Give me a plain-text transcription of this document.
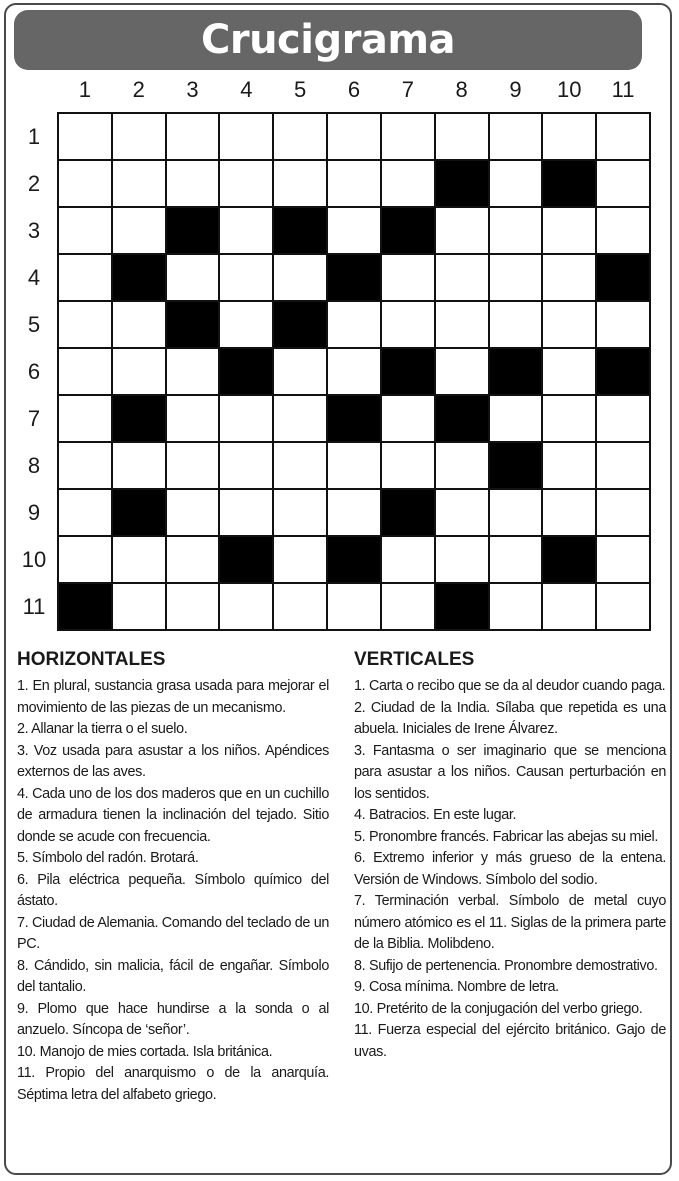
Crucigrama
1	2	3	4	5	6	7	8	9	10	11
1
2
3
4
5
6
7
8
9
10
11
HORIZONTALES
1. En plural, sustancia grasa usada para mejorar el movimiento de las piezas de un mecanismo.
2. Allanar la tierra o el suelo.
3. Voz usada para asustar a los niños. Apéndices externos de las aves.
4. Cada uno de los dos maderos que en un cuchillo de armadura tienen la inclinación del tejado. Sitio donde se acude con frecuencia.
5. Símbolo del radón. Brotará.
6. Pila eléctrica pequeña. Símbolo químico del ástato.
7. Ciudad de Alemania. Comando del teclado de un PC.
8. Cándido, sin malicia, fácil de engañar. Símbolo del tantalio.
9. Plomo que hace hundirse a la sonda o al anzuelo. Síncopa de ‘señor’.
10. Manojo de mies cortada. Isla británica.
11. Propio del anarquismo o de la anarquía. Séptima letra del alfabeto griego.
VERTICALES
1. Carta o recibo que se da al deudor cuando paga.
2. Ciudad de la India. Sílaba que repetida es una abuela. Iniciales de Irene Álvarez.
3. Fantasma o ser imaginario que se menciona para asustar a los niños. Causan perturbación en los sentidos.
4. Batracios. En este lugar.
5. Pronombre francés. Fabricar las abejas su miel.
6. Extremo inferior y más grueso de la entena. Versión de Windows. Símbolo del sodio.
7. Terminación verbal. Símbolo de metal cuyo número atómico es el 11. Siglas de la primera parte de la Biblia. Molibdeno.
8. Sufijo de pertenencia. Pronombre demostrativo.
9. Cosa mínima. Nombre de letra.
10. Pretérito de la conjugación del verbo griego.
11. Fuerza especial del ejército británico. Gajo de uvas.
